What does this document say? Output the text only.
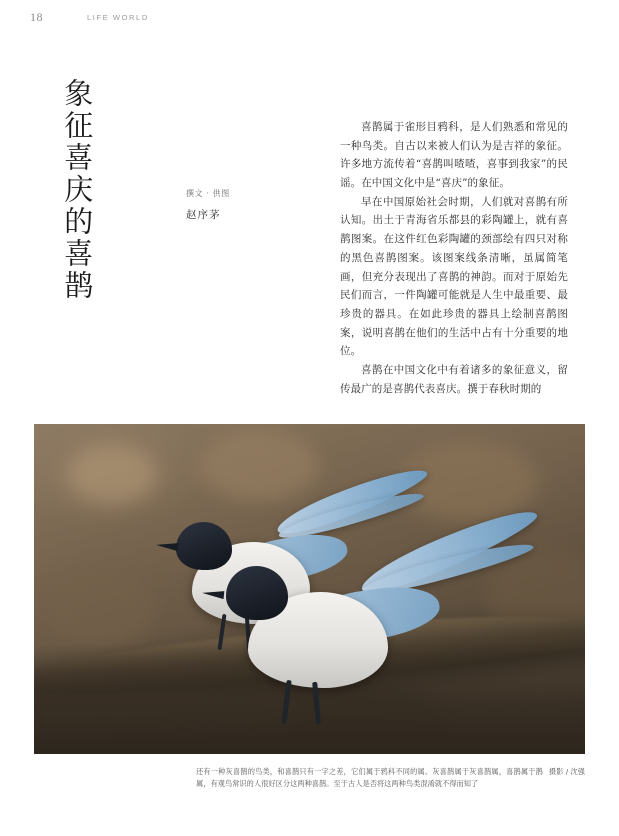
18	LIFE WORLD
象征喜庆的喜鹊	撰文 · 供图
赵序茅

喜鹊属于雀形目鸦科，是人们熟悉和常见的一种鸟类。自古以来被人们认为是吉祥的象征。许多地方流传着“喜鹊叫喳喳，喜事到我家”的民谣。在中国文化中是“喜庆”的象征。

早在中国原始社会时期，人们就对喜鹊有所认知。出土于青海省乐都县的彩陶罐上，就有喜鹊图案。在这件红色彩陶罐的颈部绘有四只对称的黑色喜鹊图案。该图案线条清晰，虽属简笔画，但充分表现出了喜鹊的神韵。而对于原始先民们而言，一件陶罐可能就是人生中最重要、最珍贵的器具。在如此珍贵的器具上绘制喜鹊图案，说明喜鹊在他们的生活中占有十分重要的地位。

喜鹊在中国文化中有着诸多的象征意义，留传最广的是喜鹊代表喜庆。撰于春秋时期的

摄影 / 沈强
还有一种灰喜鹊的鸟类，和喜鹊只有一字之差，它们属于鸦科不同的属。灰喜鹊属于灰喜鹊属，喜鹊属于鹊属，有观鸟常识的人很好区分这两种喜鹊。至于古人是否将这两种鸟类混淆就不得而知了
